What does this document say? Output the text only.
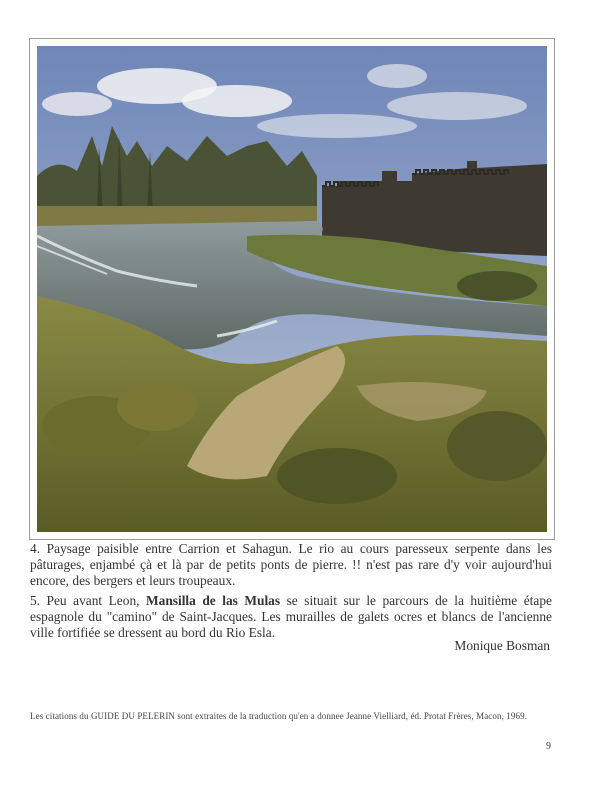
4. Paysage paisible entre Carrion et Sahagun. Le rio au cours paresseux serpente dans les pâturages, enjambé çà et là par de petits ponts de pierre. !! n'est pas rare d'y voir aujourd'hui encore, des bergers et leurs troupeaux.

5. Peu avant Leon, Mansilla de las Mulas se situait sur le parcours de la huitième étape espagnole du "camino" de Saint-Jacques. Les murailles de galets ocres et blancs de l'ancienne ville fortifiée se dressent au bord du Rio Esla.

Monique Bosman
Les citations du GUIDE DU PELERIN sont extraites de la traduction qu'en a donnee Jeanne Vielliard, éd. Protat Frères, Macon, 1969.
9
